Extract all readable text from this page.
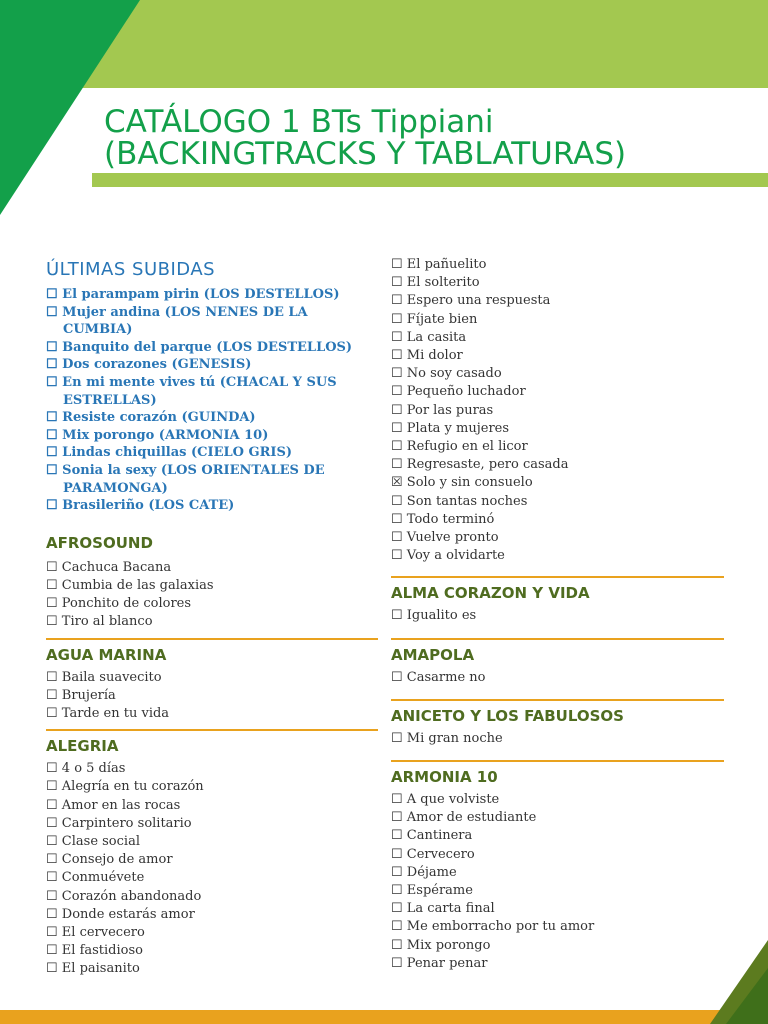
CATÁLOGO 1 BTs Tippiani
(BACKINGTRACKS Y TABLATURAS)
ÚLTIMAS SUBIDAS
☐ El parampam pirin (LOS DESTELLOS)
☐ Mujer andina (LOS NENES DE LA CUMBIA)
☐ Banquito del parque (LOS DESTELLOS)
☐ Dos corazones (GENESIS)
☐ En mi mente vives tú (CHACAL Y SUS ESTRELLAS)
☐ Resiste corazón (GUINDA)
☐ Mix porongo (ARMONIA 10)
☐ Lindas chiquillas (CIELO GRIS)
☐ Sonia la sexy (LOS ORIENTALES DE PARAMONGA)
☐ Brasileriño (LOS CATE)
AFROSOUND
☐ Cachuca Bacana
☐ Cumbia de las galaxias
☐ Ponchito de colores
☐ Tiro al blanco
AGUA MARINA
☐ Baila suavecito
☐ Brujería
☐ Tarde en tu vida
ALEGRIA
☐ 4 o 5 días
☐ Alegría en tu corazón
☐ Amor en las rocas
☐ Carpintero solitario
☐ Clase social
☐ Consejo de amor
☐ Conmuévete
☐ Corazón abandonado
☐ Donde estarás amor
☐ El cervecero
☐ El fastidioso
☐ El paisanito
☐ El pañuelito
☐ El solterito
☐ Espero una respuesta
☐ Fíjate bien
☐ La casita
☐ Mi dolor
☐ No soy casado
☐ Pequeño luchador
☐ Por las puras
☐ Plata y mujeres
☐ Refugio en el licor
☐ Regresaste, pero casada
☒ Solo y sin consuelo
☐ Son tantas noches
☐ Todo terminó
☐ Vuelve pronto
☐ Voy a olvidarte
ALMA CORAZON Y VIDA
☐ Igualito es
AMAPOLA
☐ Casarme no
ANICETO Y LOS FABULOSOS
☐ Mi gran noche
ARMONIA 10
☐ A que volviste
☐ Amor de estudiante
☐ Cantinera
☐ Cervecero
☐ Déjame
☐ Espérame
☐ La carta final
☐ Me emborracho por tu amor
☐ Mix porongo
☐ Penar penar
